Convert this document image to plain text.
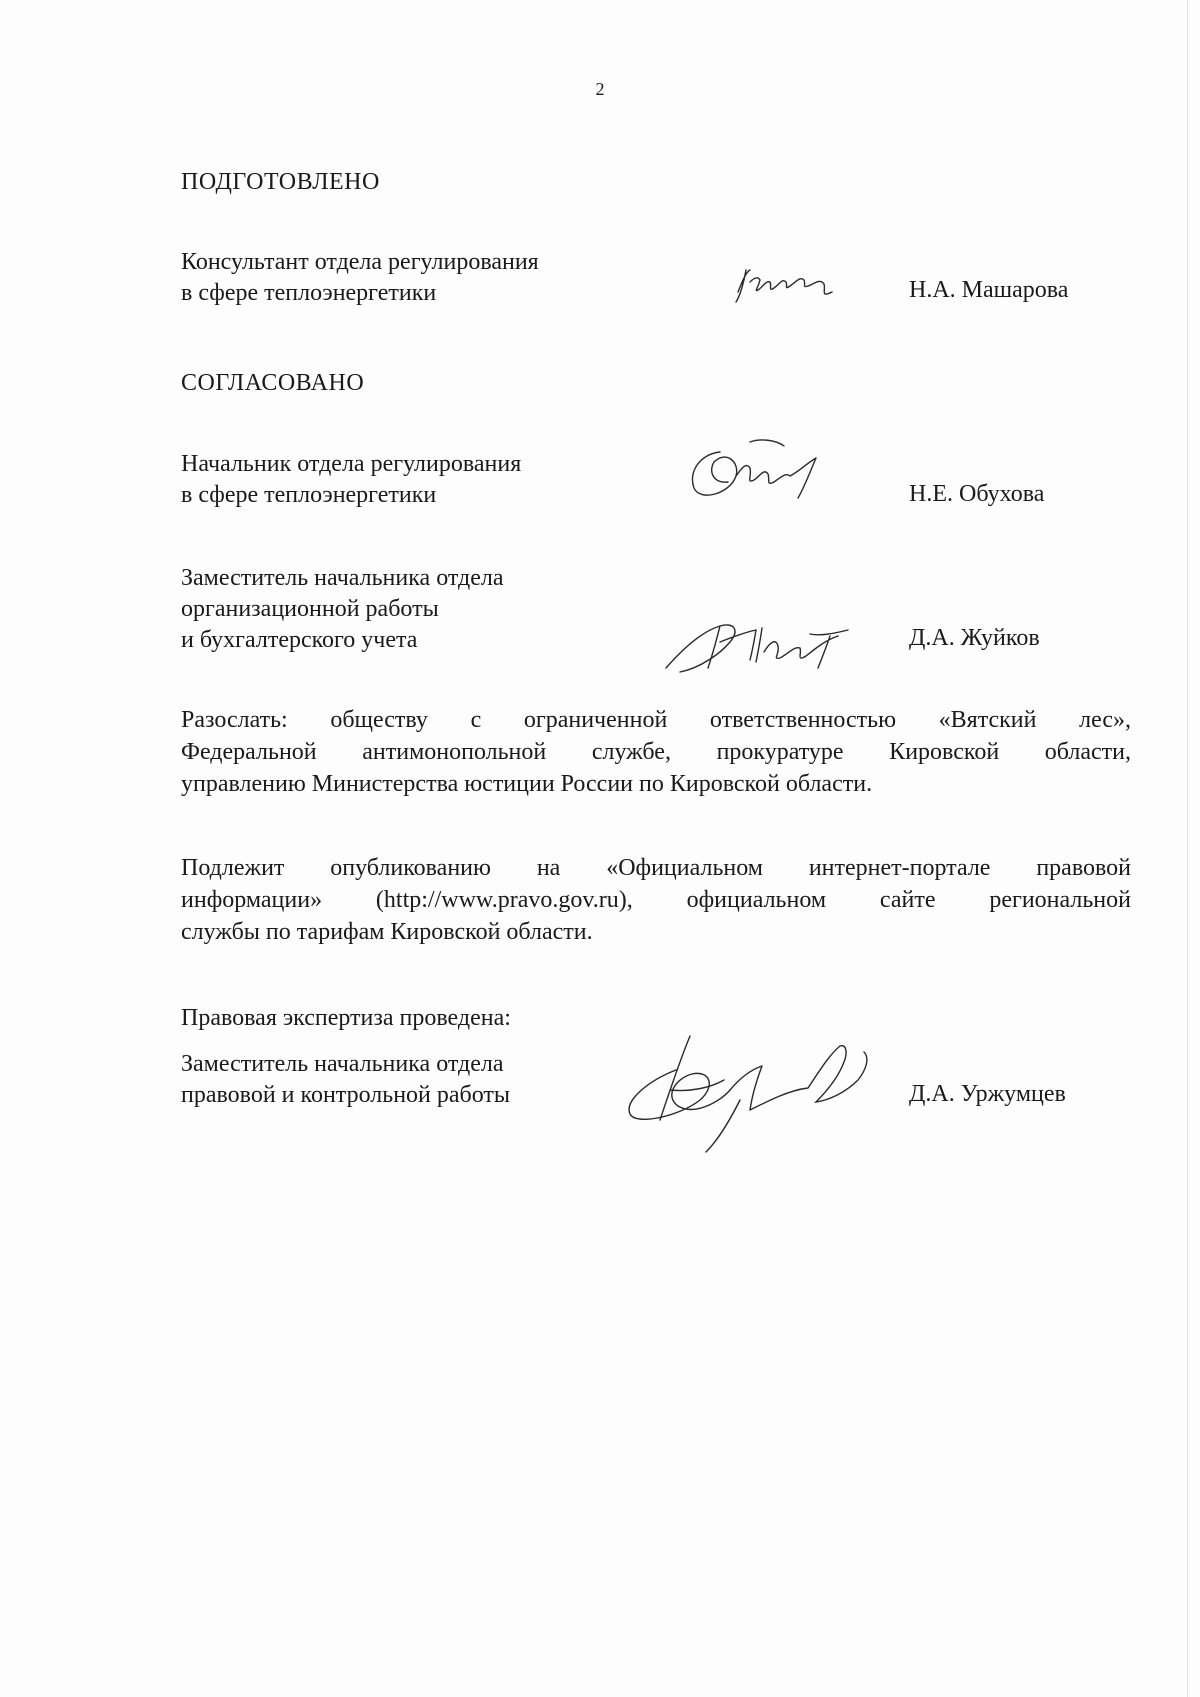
2
ПОДГОТОВЛЕНО
Консультант отдела регулирования
в сфере теплоэнергетики	Н.А. Машарова
СОГЛАСОВАНО
Начальник отдела регулирования
в сфере теплоэнергетики	Н.Е. Обухова
Заместитель начальника отдела
организационной работы
и бухгалтерского учета	Д.А. Жуйков
Разослать: обществу с ограниченной ответственностью «Вятский лес»,
Федеральной антимонопольной службе, прокуратуре Кировской области,
управлению Министерства юстиции России по Кировской области.
Подлежит опубликованию на «Официальном интернет-портале правовой
информации» (http://www.pravo.gov.ru), официальном сайте региональной
службы по тарифам Кировской области.
Правовая экспертиза проведена:
Заместитель начальника отдела
правовой и контрольной работы	Д.А. Уржумцев
